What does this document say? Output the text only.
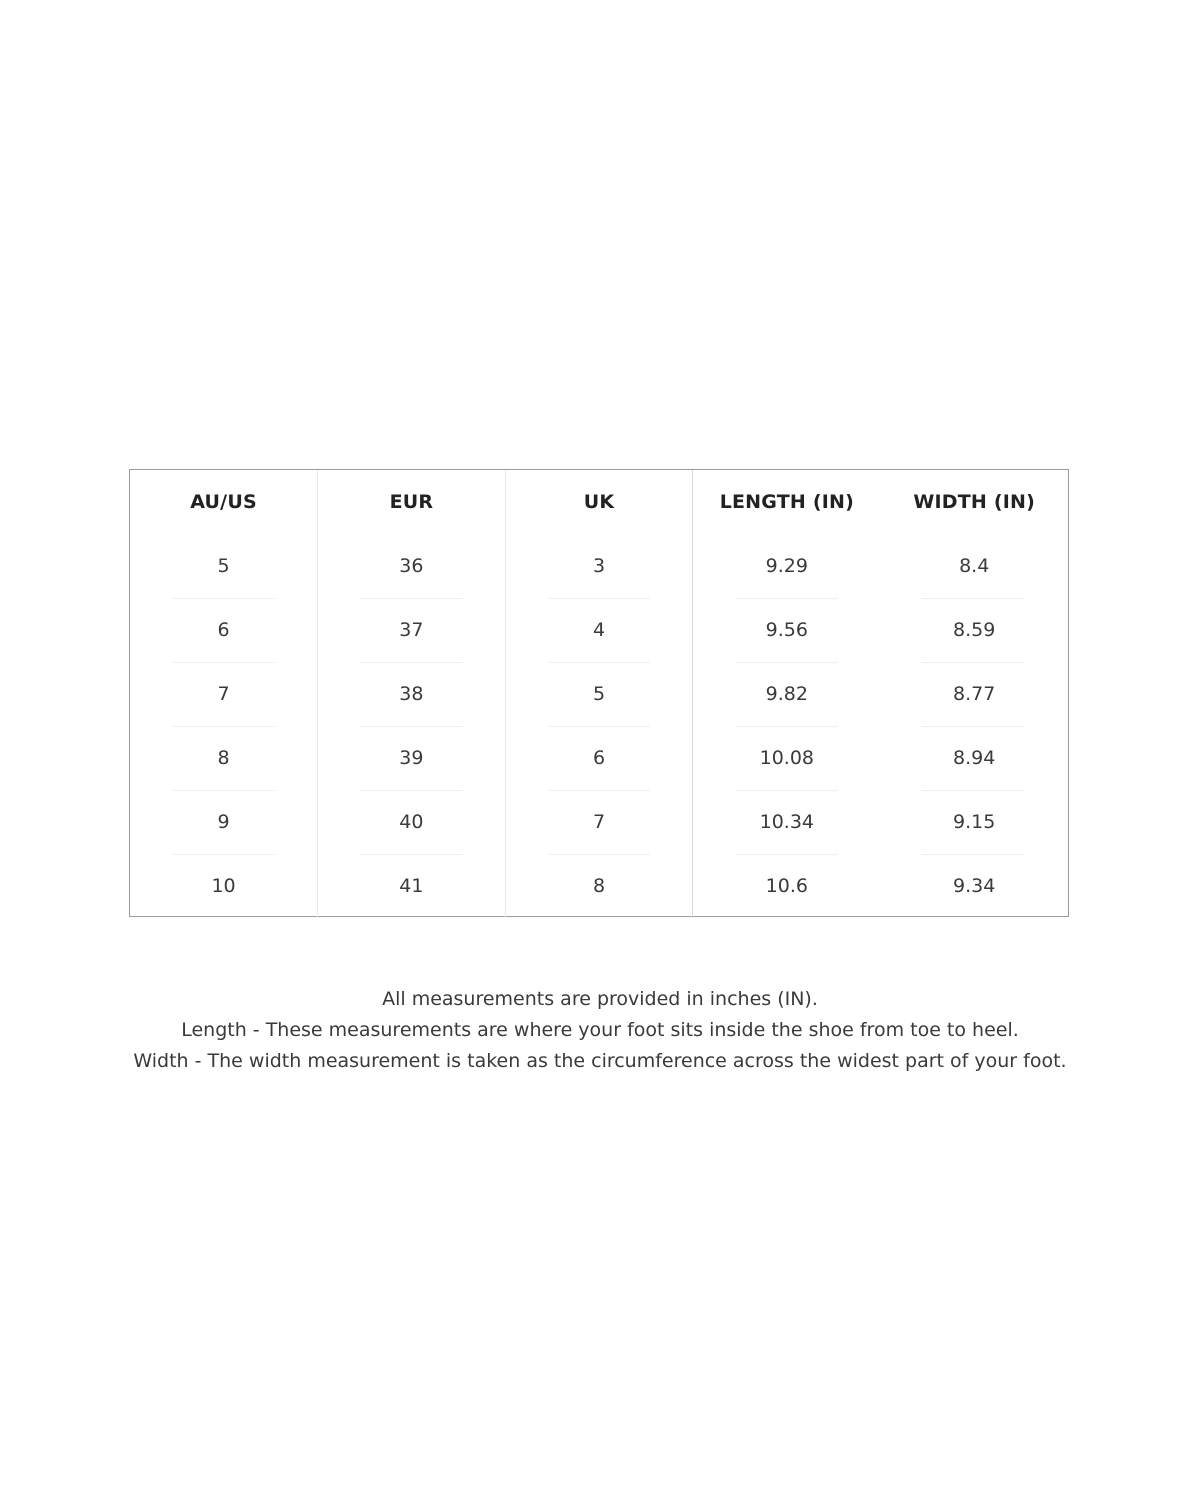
AU/US	EUR	UK	LENGTH (IN)	WIDTH (IN)
5	36	3	9.29	8.4
6	37	4	9.56	8.59
7	38	5	9.82	8.77
8	39	6	10.08	8.94
9	40	7	10.34	9.15
10	41	8	10.6	9.34

All measurements are provided in inches (IN).

Length - These measurements are where your foot sits inside the shoe from toe to heel.

Width - The width measurement is taken as the circumference across the widest part of your foot.
